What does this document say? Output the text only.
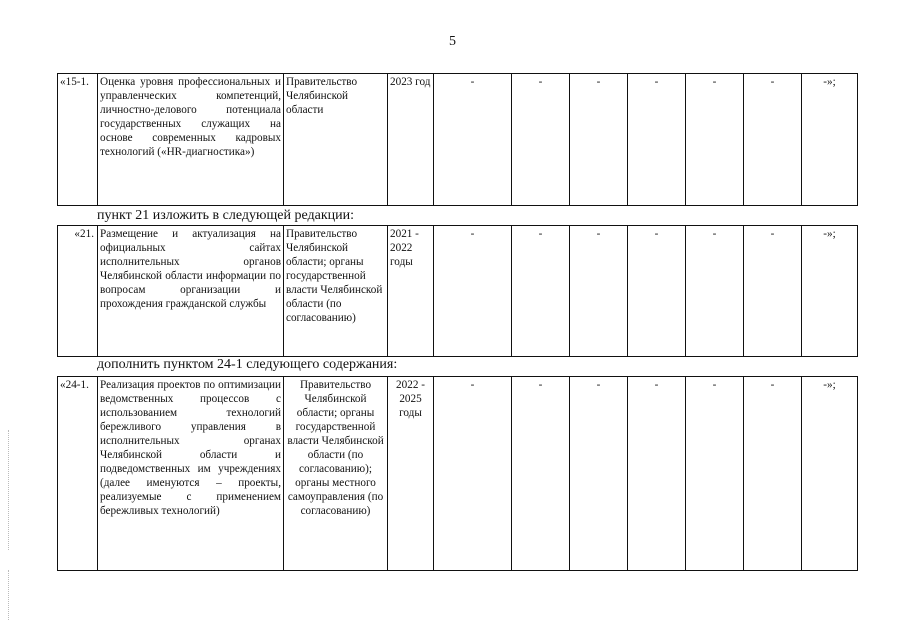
5
«15-1.	Оценка уровня профессиональных и управленческих компетенций, личностно-делового потенциала государственных служащих на основе современных кадровых технологий («HR-диагностика»)	Правительство Челябинской области	2023 год	-	-	-	-	-	-	-»;
пункт 21 изложить в следующей редакции:
«21.	Размещение и актуализация на официальных сайтах исполнительных органов Челябинской области информации по вопросам организации и прохождения гражданской службы	Правительство Челябинской области; органы государственной власти Челябинской области (по согласованию)	2021 - 2022 годы	-	-	-	-	-	-	-»;
дополнить пунктом 24-1 следующего содержания:
«24-1.	Реализация проектов по оптимизации ведомственных процессов с использованием технологий бережливого управления в исполнительных органах Челябинской области и подведомственных им учреждениях (далее именуются – проекты, реализуемые с применением бережливых технологий)	Правительство Челябинской области; органы государственной власти Челябинской области (по согласованию); органы местного самоуправления (по согласованию)	2022 - 2025 годы	-	-	-	-	-	-	-»;
